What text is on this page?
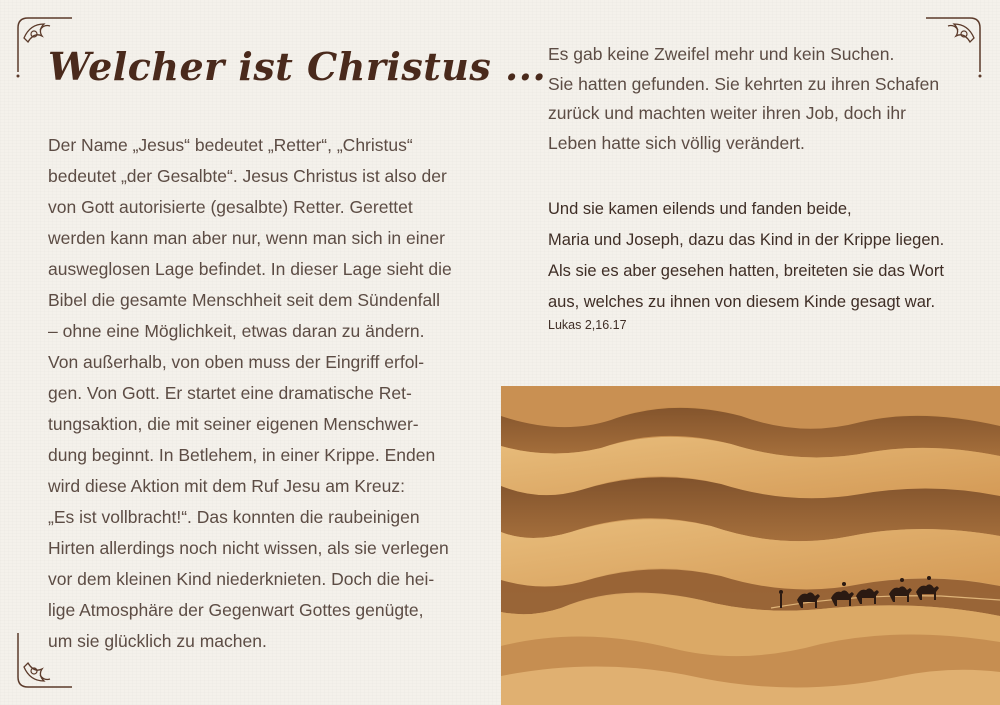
Welcher ist Christus ...

Der Name „Jesus“ bedeutet „Retter“, „Christus“
bedeutet „der Gesalbte“. Jesus Christus ist also der
von Gott autorisierte (gesalbte) Retter. Gerettet
werden kann man aber nur, wenn man sich in einer
ausweglosen Lage befindet. In dieser Lage sieht die
Bibel die gesamte Menschheit seit dem Sündenfall
– ohne eine Möglichkeit, etwas daran zu ändern.
Von außerhalb, von oben muss der Eingriff erfol-
gen. Von Gott. Er startet eine dramatische Ret-
tungsaktion, die mit seiner eigenen Menschwer-
dung beginnt. In Betlehem, in einer Krippe. Enden
wird diese Aktion mit dem Ruf Jesu am Kreuz:
„Es ist vollbracht!“. Das konnten die raubeinigen
Hirten allerdings noch nicht wissen, als sie verlegen
vor dem kleinen Kind niederknieten. Doch die hei-
lige Atmosphäre der Gegenwart Gottes genügte,
um sie glücklich zu machen.

Es gab keine Zweifel mehr und kein Suchen.
Sie hatten gefunden. Sie kehrten zu ihren Schafen
zurück und machten weiter ihren Job, doch ihr
Leben hatte sich völlig verändert.

Und sie kamen eilends und fanden beide,
Maria und Joseph, dazu das Kind in der Krippe liegen.
Als sie es aber gesehen hatten, breiteten sie das Wort
aus, welches zu ihnen von diesem Kinde gesagt war.

Lukas 2,16.17
